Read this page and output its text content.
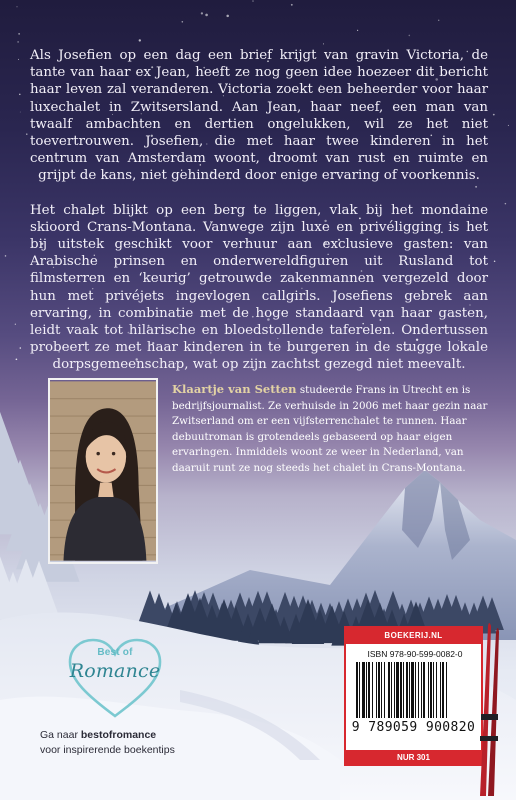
Als Josefien op een dag een brief krijgt van gravin Victoria, de tante van haar ex Jean, heeft ze nog geen idee hoezeer dit bericht haar leven zal veranderen. Victoria zoekt een beheerder voor haar luxechalet in Zwitsersland. Aan Jean, haar neef, een man van twaalf ambachten en dertien ongelukken, wil ze het niet toevertrouwen. Josefien, die met haar twee kinderen in het centrum van Amsterdam woont, droomt van rust en ruimte en grijpt de kans, niet gehinderd door enige ervaring of voorkennis.

Het chalet blijkt op een berg te liggen, vlak bij het mondaine skioord Crans-Montana. Vanwege zijn luxe en privéligging is het bij uitstek geschikt voor verhuur aan exclusieve gasten: van Arabische prinsen en onderwereldfiguren uit Rusland tot filmsterren en ‘keurig’ getrouwde zakenmannen vergezeld door hun met privéjets ingevlogen callgirls. Josefiens gebrek aan ervaring, in combinatie met de hoge standaard van haar gasten, leidt vaak tot hilarische en bloedstollende taferelen. Ondertussen probeert ze met haar kinderen in te burgeren in de stugge lokale dorpsgemeenschap, wat op zijn zachtst gezegd niet meevalt.

Klaartje van Setten studeerde Frans in Utrecht en is bedrijfsjournalist. Ze verhuisde in 2006 met haar gezin naar Zwitserland om er een vijfsterrenchalet te runnen. Haar debuutroman is grotendeels gebaseerd op haar eigen ervaringen. Inmiddels woont ze weer in Nederland, van daaruit runt ze nog steeds het chalet in Crans-Montana.
Best of
Romance
Ga naar bestofromance
voor inspirerende boekentips
BOEKERIJ.NL
ISBN 978-90-599-0082-0
9 789059 900820
NUR 301
